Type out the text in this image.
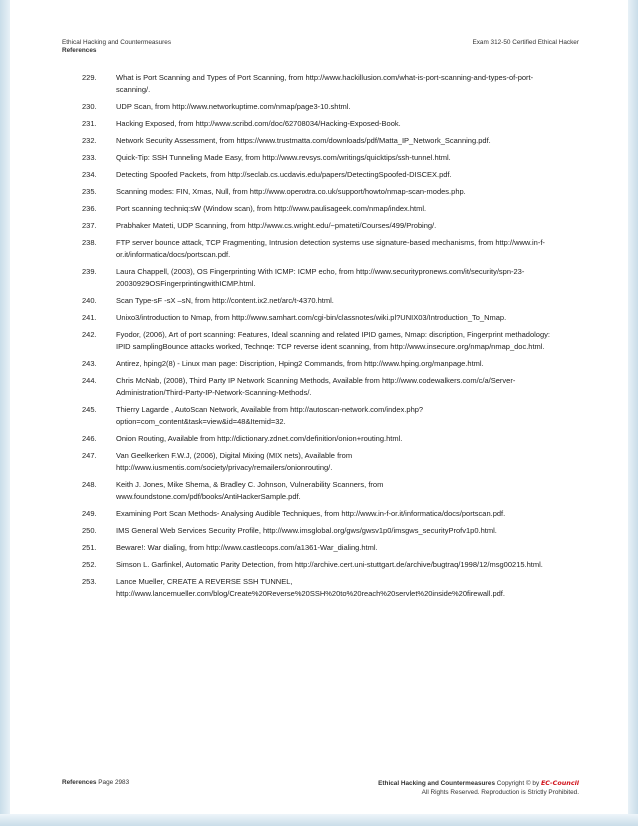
Ethical Hacking and Countermeasures	Exam 312-50 Certified Ethical Hacker
References
229.	What is Port Scanning and Types of Port Scanning, from http://www.hackillusion.com/what-is-port-scanning-and-types-of-port-scanning/.
230.	UDP Scan, from http://www.networkuptime.com/nmap/page3-10.shtml.
231.	Hacking Exposed, from http://www.scribd.com/doc/62708034/Hacking-Exposed-Book.
232.	Network Security Assessment, from https://www.trustmatta.com/downloads/pdf/Matta_IP_Network_Scanning.pdf.
233.	Quick-Tip: SSH Tunneling Made Easy, from http://www.revsys.com/writings/quicktips/ssh-tunnel.html.
234.	Detecting Spoofed Packets, from http://seclab.cs.ucdavis.edu/papers/DetectingSpoofed-DISCEX.pdf.
235.	Scanning modes: FIN, Xmas, Null, from http://www.openxtra.co.uk/support/howto/nmap-scan-modes.php.
236.	Port scanning techniq:sW (Window scan), from http://www.paulisageek.com/nmap/index.html.
237.	Prabhaker Mateti, UDP Scanning, from http://www.cs.wright.edu/~pmateti/Courses/499/Probing/.
238.	FTP server bounce attack, TCP Fragmenting, Intrusion detection systems use signature-based mechanisms, from http://www.in-f-or.it/informatica/docs/portscan.pdf.
239.	Laura Chappell, (2003), OS Fingerprinting With ICMP: ICMP echo, from http://www.securitypronews.com/it/security/spn-23-20030929OSFingerprintingwithICMP.html.
240.	Scan Type-sF -sX –sN, from http://content.ix2.net/arc/t-4370.html.
241.	Unixo3/introduction to Nmap, from http://www.samhart.com/cgi-bin/classnotes/wiki.pl?UNIX03/Introduction_To_Nmap.
242.	Fyodor, (2006), Art of port scanning: Features, Ideal scanning and related IPID games, Nmap: discription, Fingerprint methadology: IPID samplingBounce attacks worked, Technqe: TCP reverse ident scanning, from http://www.insecure.org/nmap/nmap_doc.html.
243.	Antirez, hping2(8) - Linux man page: Discription, Hping2 Commands, from http://www.hping.org/manpage.html.
244.	Chris McNab, (2008), Third Party IP Network Scanning Methods, Available from http://www.codewalkers.com/c/a/Server-Administration/Third-Party-IP-Network-Scanning-Methods/.
245.	Thierry Lagarde , AutoScan Network, Available from http://autoscan-network.com/index.php?option=com_content&task=view&id=48&Itemid=32.
246.	Onion Routing, Available from http://dictionary.zdnet.com/definition/onion+routing.html.
247.	Van Geelkerken F.W.J, (2006), Digital Mixing (MIX nets), Available from http://www.iusmentis.com/society/privacy/remailers/onionrouting/.
248.	Keith J. Jones, Mike Shema, & Bradley C. Johnson, Vulnerability Scanners, from www.foundstone.com/pdf/books/AntiHackerSample.pdf.
249.	Examining Port Scan Methods- Analysing Audible Techniques, from http://www.in-f-or.it/informatica/docs/portscan.pdf.
250.	IMS General Web Services Security Profile, http://www.imsglobal.org/gws/gwsv1p0/imsgws_securityProfv1p0.html.
251.	Beware!: War dialing, from http://www.castlecops.com/a1361-War_dialing.html.
252.	Simson L. Garfinkel, Automatic Parity Detection, from http://archive.cert.uni-stuttgart.de/archive/bugtraq/1998/12/msg00215.html.
253.	Lance Mueller, CREATE A REVERSE SSH TUNNEL, http://www.lancemueller.com/blog/Create%20Reverse%20SSH%20to%20reach%20servlet%20inside%20firewall.pdf.
References Page 2983	Ethical Hacking and Countermeasures Copyright © by EC-Council
All Rights Reserved. Reproduction is Strictly Prohibited.
